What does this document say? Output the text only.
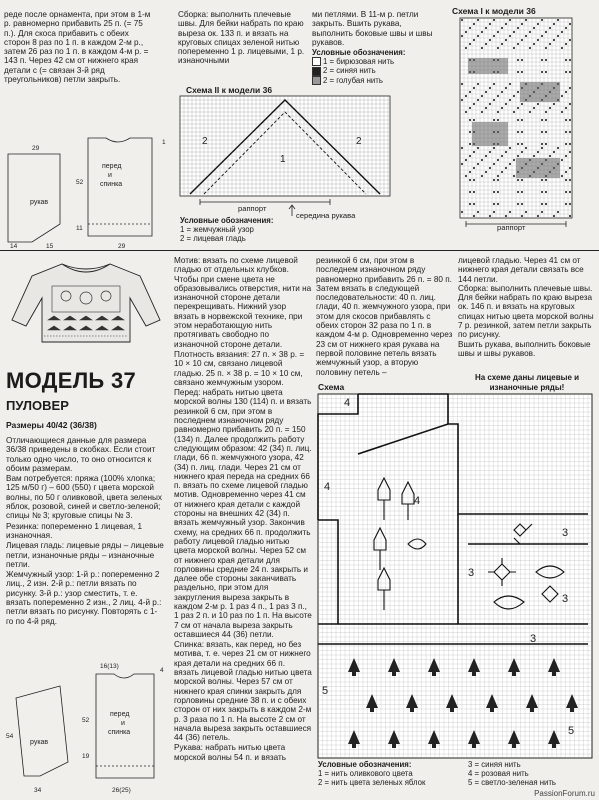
реде после орнамента, при этом в 1-м р. равномерно прибавить 25 п. (= 75 п.). Для скоса прибавить с обеих сторон 8 раз по 1 п. в каждом 2-м р., затем 26 раз по 1 п. в каждом 4-м р. = 143 п. Через 42 см от нижнего края детали с (= связан 3-й ряд треугольников) петли закрыть.
рукав
перед
и
спинка
29
1
52
11
14	15	29
Сборка: выполнить плечевые швы. Для бейки набрать по краю выреза ок. 133 п. и вязать на круговых спицах зеленой нитью попеременно 1 р. лицевыми, 1 р. изнаночными
ми петлями. В 11-м р. петли закрыть. Вшить рукава, выполнить боковые швы и швы рукавов.
Условные обозначения:
1 = бирюзовая нить
2 = синяя нить
2 = голубая нить
Схема II к модели 36
2	2
1
раппорт
середина рукава
Условные обозначения:
1 = жемчужный узор
2 = лицевая гладь
Схема I к модели 36
раппорт
МОДЕЛЬ 37
ПУЛОВЕР
Размеры 40/42 (36/38)

Отличающиеся данные для размера 36/38 приведены в скобках. Если стоит только одно число, то оно относится к обоим размерам.

Вам потребуется: пряжа (100% хлопка; 125 м/50 г) – 600 (550) г цвета морской волны, по 50 г оливковой, цвета зеленых яблок, розовой, синей и светло-зеленой; спицы № 3; круговые спицы № 3.

Резинка: попеременно 1 лицевая, 1 изнаночная.

Лицевая гладь: лицевые ряды – лицевые петли, изнаночные ряды – изнаночные петли.

Жемчужный узор: 1-й р.: попеременно 2 лиц., 2 изн. 2-й р.: петли вязать по рисунку. 3-й р.: узор сместить, т. е. вязать попеременно 2 изн., 2 лиц. 4-й р.: петли вязать по рисунку. Повторять с 1-го по 4-й ряд.

рукав
перед
и
спинка
16(13)
4
54
34	26(25)
19
52

Мотив: вязать по схеме лицевой гладью от отдельных клубков. Чтобы при смене цвета не образовывались отверстия, нити на изнаночной стороне детали перекрещивать. Нижний узор вязать в норвежской технике, при этом неработающую нить протягивать свободно по изнаночной стороне детали.

Плотность вязания: 27 п. × 38 р. = 10 × 10 см, связано лицевой гладью. 25 п. × 38 р. = 10 × 10 см, связано жемчужным узором.

Перед: набрать нитью цвета морской волны 130 (114) п. и вязать резинкой 6 см, при этом в последнем изнаночном ряду равномерно прибавить 20 п. = 150 (134) п. Далее продолжить работу следующим образом: 42 (34) п. лиц. глади, 66 п. жемчужного узора, 42 (34) п. лиц. глади. Через 21 см от нижнего края переда на средних 66 п. вязать по схеме лицевой гладью мотив. Одновременно через 41 см от нижнего края детали с каждой стороны на внешних 42 (34) п. вязать жемчужный узор. Закончив схему, на средних 66 п. продолжить работу лицевой гладью нитью цвета морской волны. Через 52 см от нижнего края детали для горловины средние 24 п. закрыть и далее обе стороны заканчивать раздельно, при этом для закругления выреза закрыть в каждом 2-м р. 1 раз 4 п., 1 раз 3 п., 1 раз 2 п. и 10 раз по 1 п. На высоте 7 см от начала выреза закрыть оставшиеся 44 (36) петли.

Спинка: вязать, как перед, но без мотива, т. е. через 21 см от нижнего края детали на средних 66 п. вязать лицевой гладью нитью цвета морской волны. Через 57 см от нижнего края спинки закрыть для горловины средние 38 п. и с обеих сторон от них закрыть в каждом 2-м р. 3 раза по 1 п. На высоте 2 см от начала выреза закрыть оставшиеся 44 (36) петель.

Рукава: набрать нитью цвета морской волны 54 п. и вязать

резинкой 6 см, при этом в последнем изнаночном ряду равномерно прибавить 26 п. = 80 п. Затем вязать в следующей последовательности: 40 п. лиц. глади, 40 п. жемчужного узора, при этом для скосов прибавлять с обеих сторон 32 раза по 1 п. в каждом 4-м р. Одновременно через 23 см от нижнего края рукава на первой половине петель вязать жемчужный узор, а вторую половину петель –
лицевой гладью. Через 41 см от нижнего края детали связать все 144 петли.
Сборка: выполнить плечевые швы. Для бейки набрать по краю выреза ок. 146 п. и вязать на круговых спицах нитью цвета морской волны 7 р. резинкой, затем петли закрыть по рисунку.
Вшить рукава, выполнить боковые швы и швы рукавов.
Схема
На схеме даны лицевые и изнаночные ряды!
4
4
3
3
3
3
5
5
4
Условные обозначения:
1 = нить оливкового цвета
2 = нить цвета зеленых яблок
3 = синяя нить
4 = розовая нить
5 = светло-зеленая нить
PassionForum.ru
